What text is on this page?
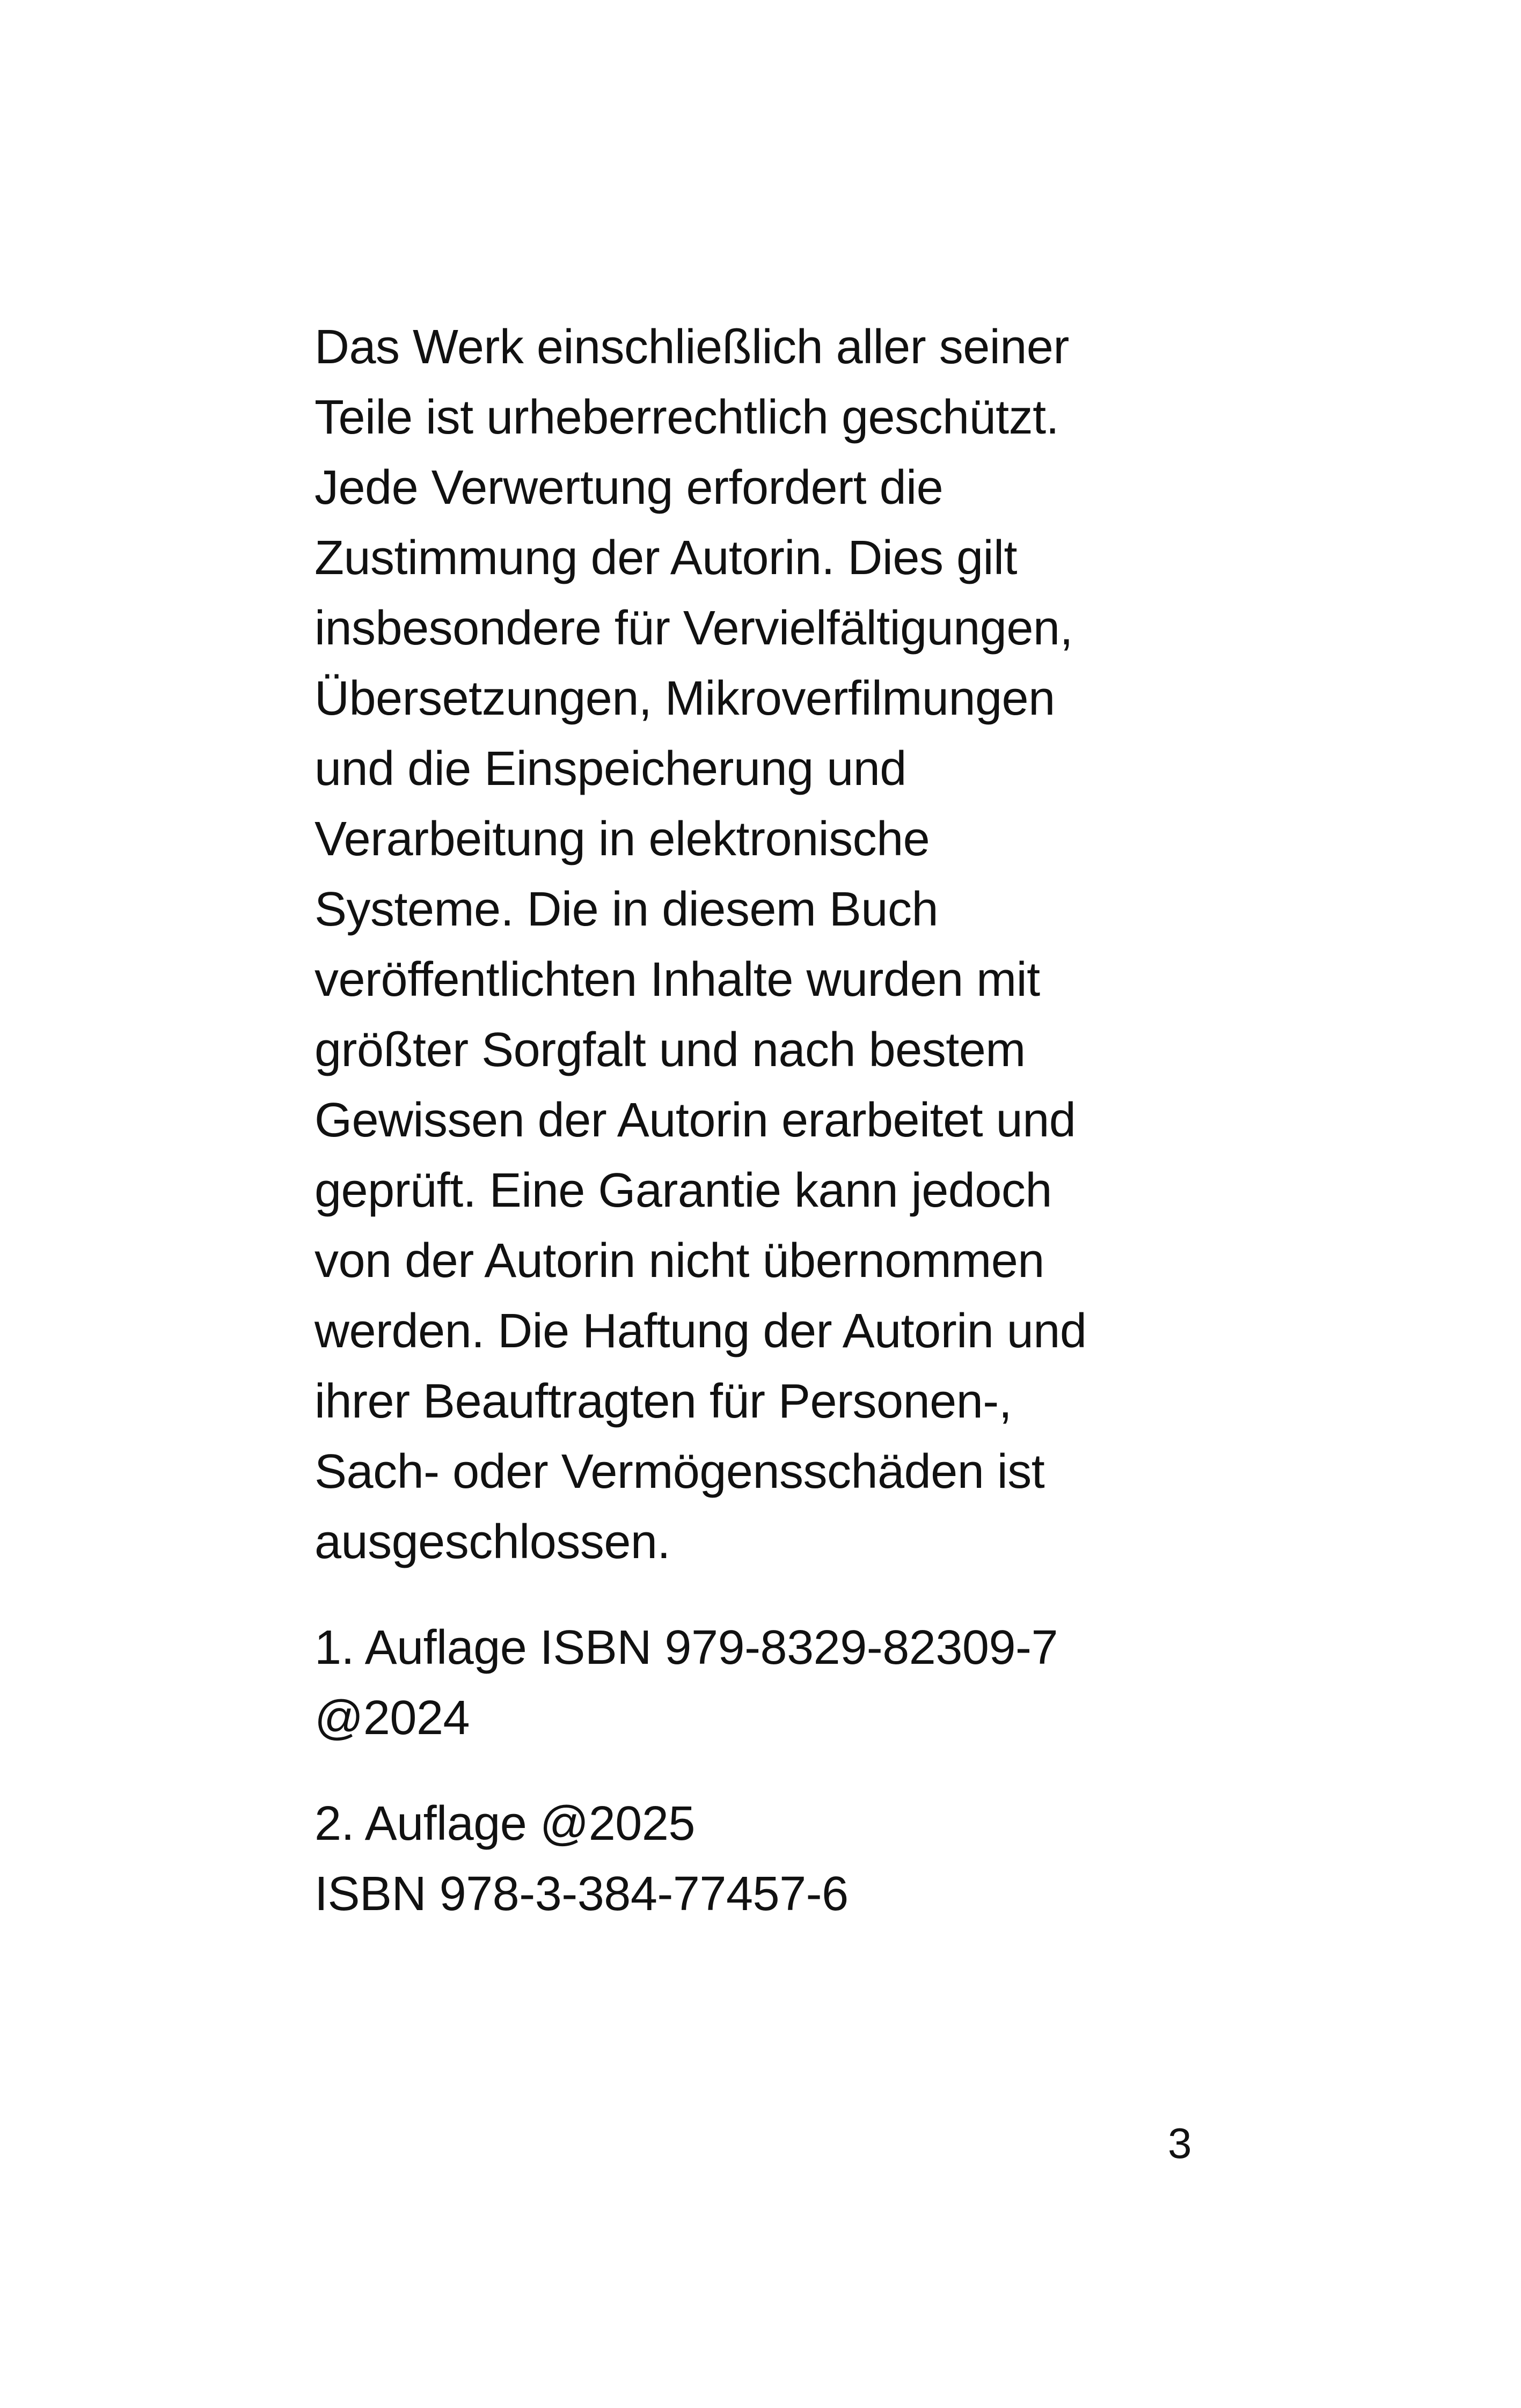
Das Werk einschließlich aller seiner
Teile ist urheberrechtlich geschützt.
Jede Verwertung erfordert die
Zustimmung der Autorin. Dies gilt
insbesondere für Vervielfältigungen,
Übersetzungen, Mikroverfilmungen
und die Einspeicherung und
Verarbeitung in elektronische
Systeme. Die in diesem Buch
veröffentlichten Inhalte wurden mit
größter Sorgfalt und nach bestem
Gewissen der Autorin erarbeitet und
geprüft. Eine Garantie kann jedoch
von der Autorin nicht übernommen
werden. Die Haftung der Autorin und
ihrer Beauftragten für Personen-,
Sach- oder Vermögensschäden ist
ausgeschlossen.
1. Auflage ISBN 979-8329-82309-7
@2024
2. Auflage @2025
ISBN 978-3-384-77457-6
3
